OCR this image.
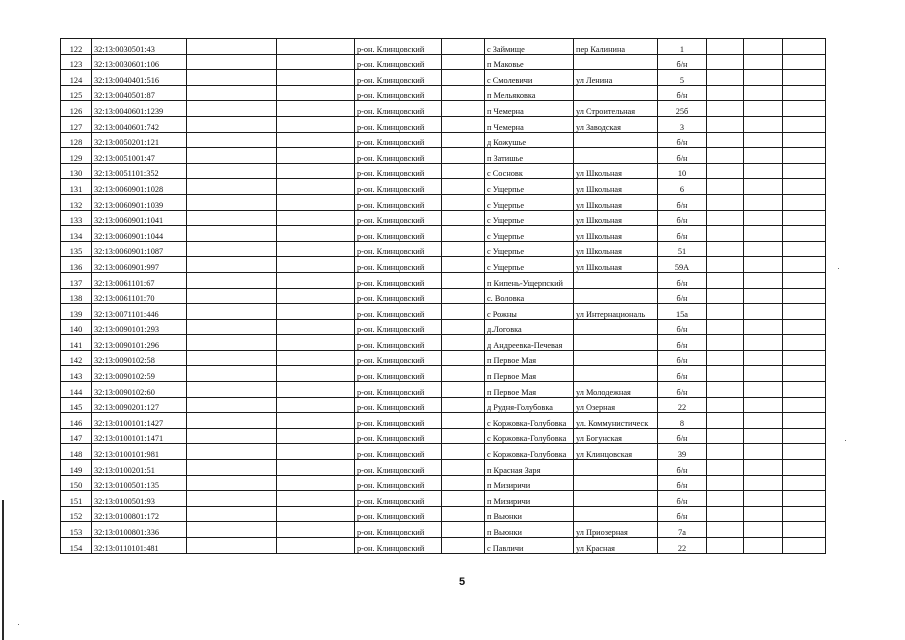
122	32:13:0030501:43			р-он. Клинцовский		с Займище	пер Калинина	1			
123	32:13:0030601:106			р-он. Клинцовский		п Маковье		б/н			
124	32:13:0040401:516			р-он. Клинцовский		с Смолевичи	ул Ленина	5			
125	32:13:0040501:87			р-он. Клинцовский		п Мельяковка		б/н			
126	32:13:0040601:1239			р-он. Клинцовский		п Чемерна	ул Строительная	25б			
127	32:13:0040601:742			р-он. Клинцовский		п Чемерна	ул Заводская	3			
128	32:13:0050201:121			р-он. Клинцовский		д Кожушье		б/н			
129	32:13:0051001:47			р-он. Клинцовский		п Затишье		б/н			
130	32:13:0051101:352			р-он. Клинцовский		с Сосновк	ул Школьная	10			
131	32:13:0060901:1028			р-он. Клинцовский		с Ущерпье	ул Школьная	6			
132	32:13:0060901:1039			р-он. Клинцовский		с Ущерпье	ул Школьная	б/н			
133	32:13:0060901:1041			р-он. Клинцовский		с Ущерпье	ул Школьная	б/н			
134	32:13:0060901:1044			р-он. Клинцовский		с Ущерпье	ул Школьная	б/н			
135	32:13:0060901:1087			р-он. Клинцовский		с Ущерпье	ул Школьная	51			
136	32:13:0060901:997			р-он. Клинцовский		с Ущерпье	ул Школьная	59А			
137	32:13:0061101:67			р-он. Клинцовский		п Кипень-Ущерпский		б/н			
138	32:13:0061101:70			р-он. Клинцовский		с. Воловка		б/н			
139	32:13:0071101:446			р-он. Клинцовский		с Рожны	ул Интернациональ	15а			
140	32:13:0090101:293			р-он. Клинцовский		д.Логовка		б/н			
141	32:13:0090101:296			р-он. Клинцовский		д Андреевка-Печевая		б/н			
142	32:13:0090102:58			р-он. Клинцовский		п Первое Мая		б/н			
143	32:13:0090102:59			р-он. Клинцовский		п Первое Мая		б/н			
144	32:13:0090102:60			р-он. Клинцовский		п Первое Мая	ул Молодежная	б/н			
145	32:13:0090201:127			р-он. Клинцовский		д Рудня-Голубовка	ул Озерная	22			
146	32:13:0100101:1427			р-он. Клинцовский		с Коржовка-Голубовка	ул. Коммунистическ	8			
147	32:13:0100101:1471			р-он. Клинцовский		с Коржовка-Голубовка	ул Богунская	б/н			
148	32:13:0100101:981			р-он. Клинцовский		с Коржовка-Голубовка	ул Клинцовская	39			
149	32:13:0100201:51			р-он. Клинцовский		п Красная Заря		б/н			
150	32:13:0100501:135			р-он. Клинцовский		п Мизиричи		б/н			
151	32:13:0100501:93			р-он. Клинцовский		п Мизиричи		б/н			
152	32:13:0100801:172			р-он. Клинцовский		п Вьюнки		б/н			
153	32:13:0100801:336			р-он. Клинцовский		п Вьюнки	ул Приозерная	7а			
154	32:13:0110101:481			р-он. Клинцовский		с Павличи	ул Красная	22			
5
